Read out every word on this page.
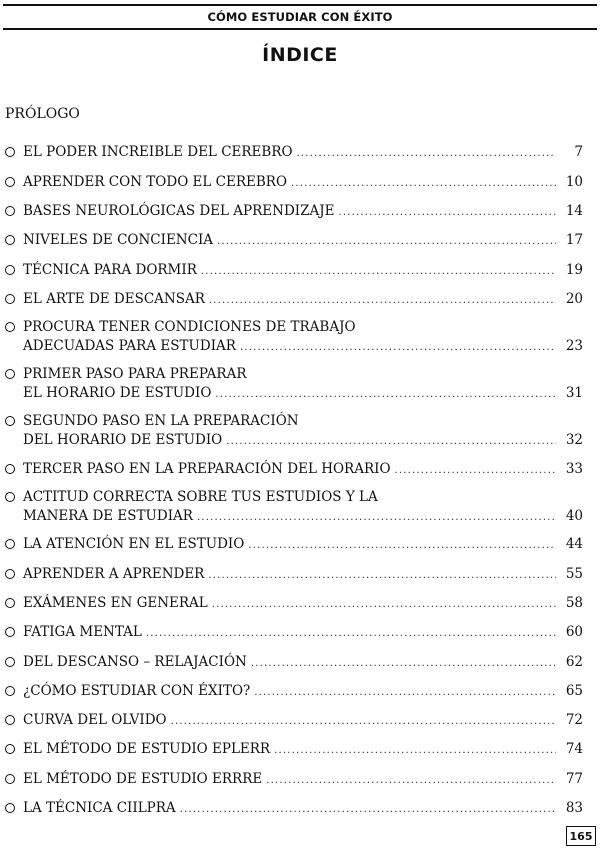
CÓMO ESTUDIAR CON ÉXITO
ÍNDICE
PRÓLOGO
EL PODER INCREIBLE DEL CEREBRO .....	7
APRENDER CON TODO EL CEREBRO .....	10
BASES NEUROLÓGICAS DEL APRENDIZAJE .....	14
NIVELES DE CONCIENCIA .....	17
TÉCNICA PARA DORMIR .....	19
EL ARTE DE DESCANSAR .....	20
PROCURA TENER CONDICIONES DE TRABAJO
ADECUADAS PARA ESTUDIAR .....	23
PRIMER PASO PARA PREPARAR
EL HORARIO DE ESTUDIO .....	31
SEGUNDO PASO EN LA PREPARACIÓN
DEL HORARIO DE ESTUDIO .....	32
TERCER PASO EN LA PREPARACIÓN DEL HORARIO .....	33
ACTITUD CORRECTA SOBRE TUS ESTUDIOS Y LA
MANERA DE ESTUDIAR .....	40
LA ATENCIÓN EN EL ESTUDIO .....	44
APRENDER A APRENDER .....	55
EXÁMENES EN GENERAL .....	58
FATIGA MENTAL .....	60
DEL DESCANSO – RELAJACIÓN .....	62
¿CÓMO ESTUDIAR CON ÉXITO? .....	65
CURVA DEL OLVIDO .....	72
EL MÉTODO DE ESTUDIO EPLERR .....	74
EL MÉTODO DE ESTUDIO ERRRE .....	77
LA TÉCNICA CIILPRA .....	83
165
